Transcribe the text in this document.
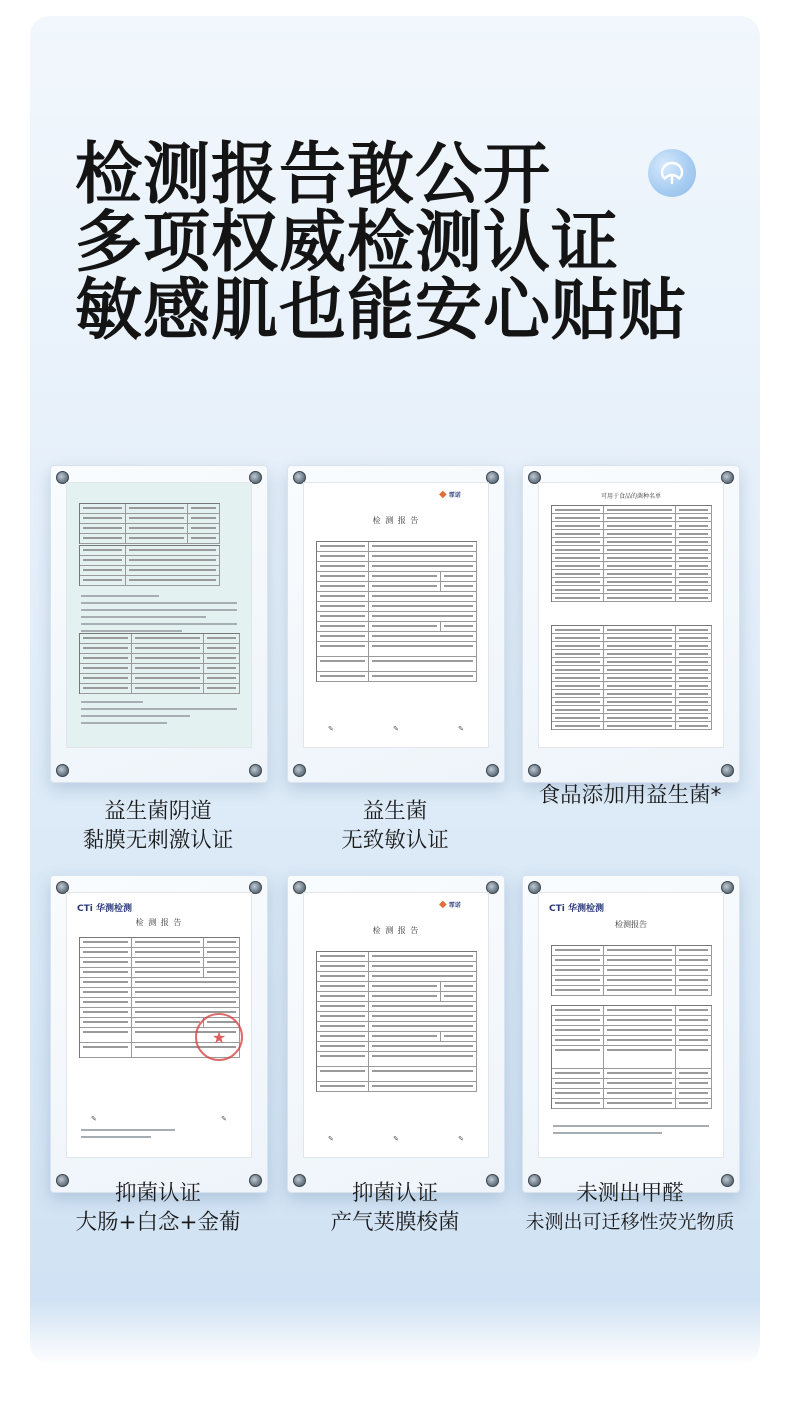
检测报告敢公开
多项权威检测认证
敏感肌也能安心贴贴
益生菌阴道
黏膜无刺激认证
◆ 霏诺
检 测 报 告
✎	✎	✎
益生菌
无致敏认证
可用于食品的菌种名单
食品添加用益生菌*
CTi 华测检测
检 测 报 告
★
✎	✎
抑菌认证
大肠+白念+金葡
◆ 霏诺
检 测 报 告
✎	✎	✎
抑菌认证
产气荚膜梭菌
CTi 华测检测
检测报告
未测出甲醛
未测出可迁移性荧光物质
